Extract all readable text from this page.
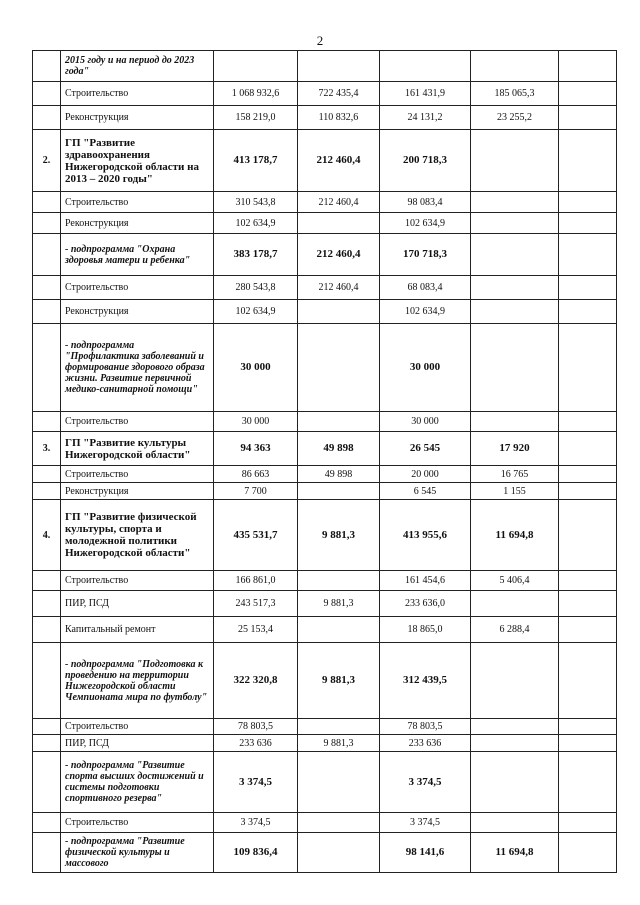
2
	2015 году и на период до 2023 года"					
	Строительство	1 068 932,6	722 435,4	161 431,9	185 065,3	
	Реконструкция	158 219,0	110 832,6	24 131,2	23 255,2	
2.	ГП "Развитие здравоохранения Нижегородской области на 2013 – 2020 годы"	413 178,7	212 460,4	200 718,3		
	Строительство	310 543,8	212 460,4	98 083,4		
	Реконструкция	102 634,9		102 634,9		
	- подпрограмма "Охрана здоровья матери и ребенка"	383 178,7	212 460,4	170 718,3		
	Строительство	280 543,8	212 460,4	68 083,4		
	Реконструкция	102 634,9		102 634,9		
	- подпрограмма "Профилактика заболеваний и формирование здорового образа жизни. Развитие первичной медико-санитарной помощи"	30 000		30 000		
	Строительство	30 000		30 000		
3.	ГП "Развитие культуры Нижегородской области"	94 363	49 898	26 545	17 920	
	Строительство	86 663	49 898	20 000	16 765	
	Реконструкция	7 700		6 545	1 155	
4.	ГП "Развитие физической культуры, спорта и молодежной политики Нижегородской области"	435 531,7	9 881,3	413 955,6	11 694,8	
	Строительство	166 861,0		161 454,6	5 406,4	
	ПИР, ПСД	243 517,3	9 881,3	233 636,0		
	Капитальный ремонт	25 153,4		18 865,0	6 288,4	
	- подпрограмма "Подготовка к проведению на территории Нижегородской области Чемпионата мира по футболу"	322 320,8	9 881,3	312 439,5		
	Строительство	78 803,5		78 803,5		
	ПИР, ПСД	233 636	9 881,3	233 636		
	- подпрограмма "Развитие спорта высших достижений и системы подготовки спортивного резерва"	3 374,5		3 374,5		
	Строительство	3 374,5		3 374,5		
	- подпрограмма "Развитие физической культуры и массового	109 836,4		98 141,6	11 694,8	
